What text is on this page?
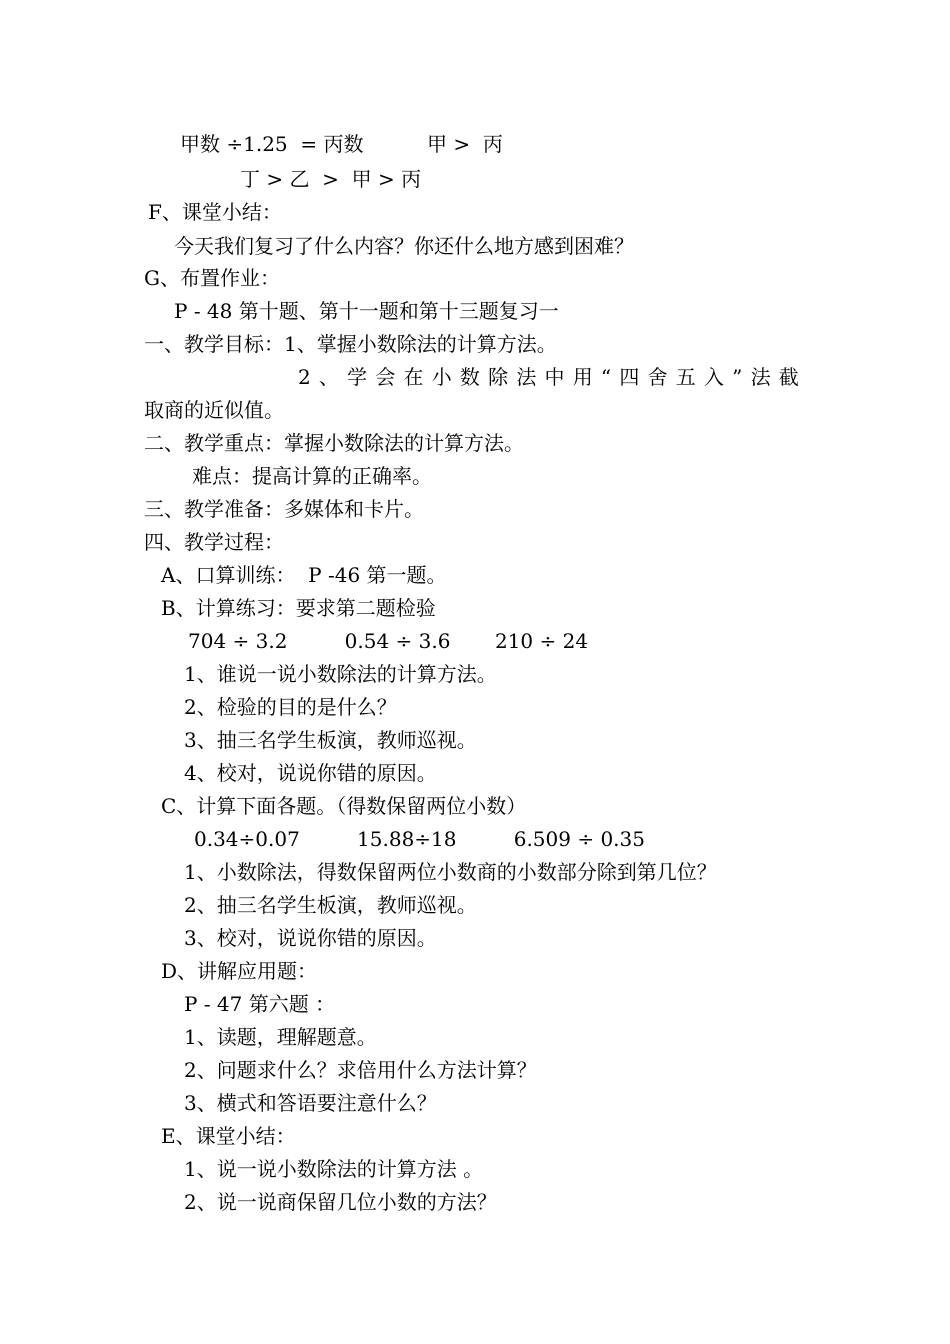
甲数 ÷1.25  = 丙数          甲 >  丙
丁 > 乙  >  甲 > 丙
F、课堂小结：
今天我们复习了什么内容？你还什么地方感到困难？
G、布置作业：
P - 48 第十题、第十一题和第十三题复习一
一、教学目标：1、掌握小数除法的计算方法。
2、学会在小数除法中用“四舍五入”法截
取商的近似值。
二、教学重点：掌握小数除法的计算方法。
难点：提高计算的正确率。
三、教学准备：多媒体和卡片。
四、教学过程：
A、口算训练：  P -46 第一题。
B、计算练习：要求第二题检验
704 ÷ 3.2         0.54 ÷ 3.6       210 ÷ 24
1、谁说一说小数除法的计算方法。
2、检验的目的是什么？
3、抽三名学生板演，教师巡视。
4、校对，说说你错的原因。
C、计算下面各题。（得数保留两位小数）
0.34÷0.07         15.88÷18         6.509 ÷ 0.35
1、小数除法，得数保留两位小数商的小数部分除到第几位？
2、抽三名学生板演，教师巡视。
3、校对，说说你错的原因。
D、讲解应用题：
P - 47 第六题 ：
1、读题，理解题意。
2、问题求什么？求倍用什么方法计算？
3、横式和答语要注意什么？
E、课堂小结：
1、说一说小数除法的计算方法 。
2、说一说商保留几位小数的方法？
